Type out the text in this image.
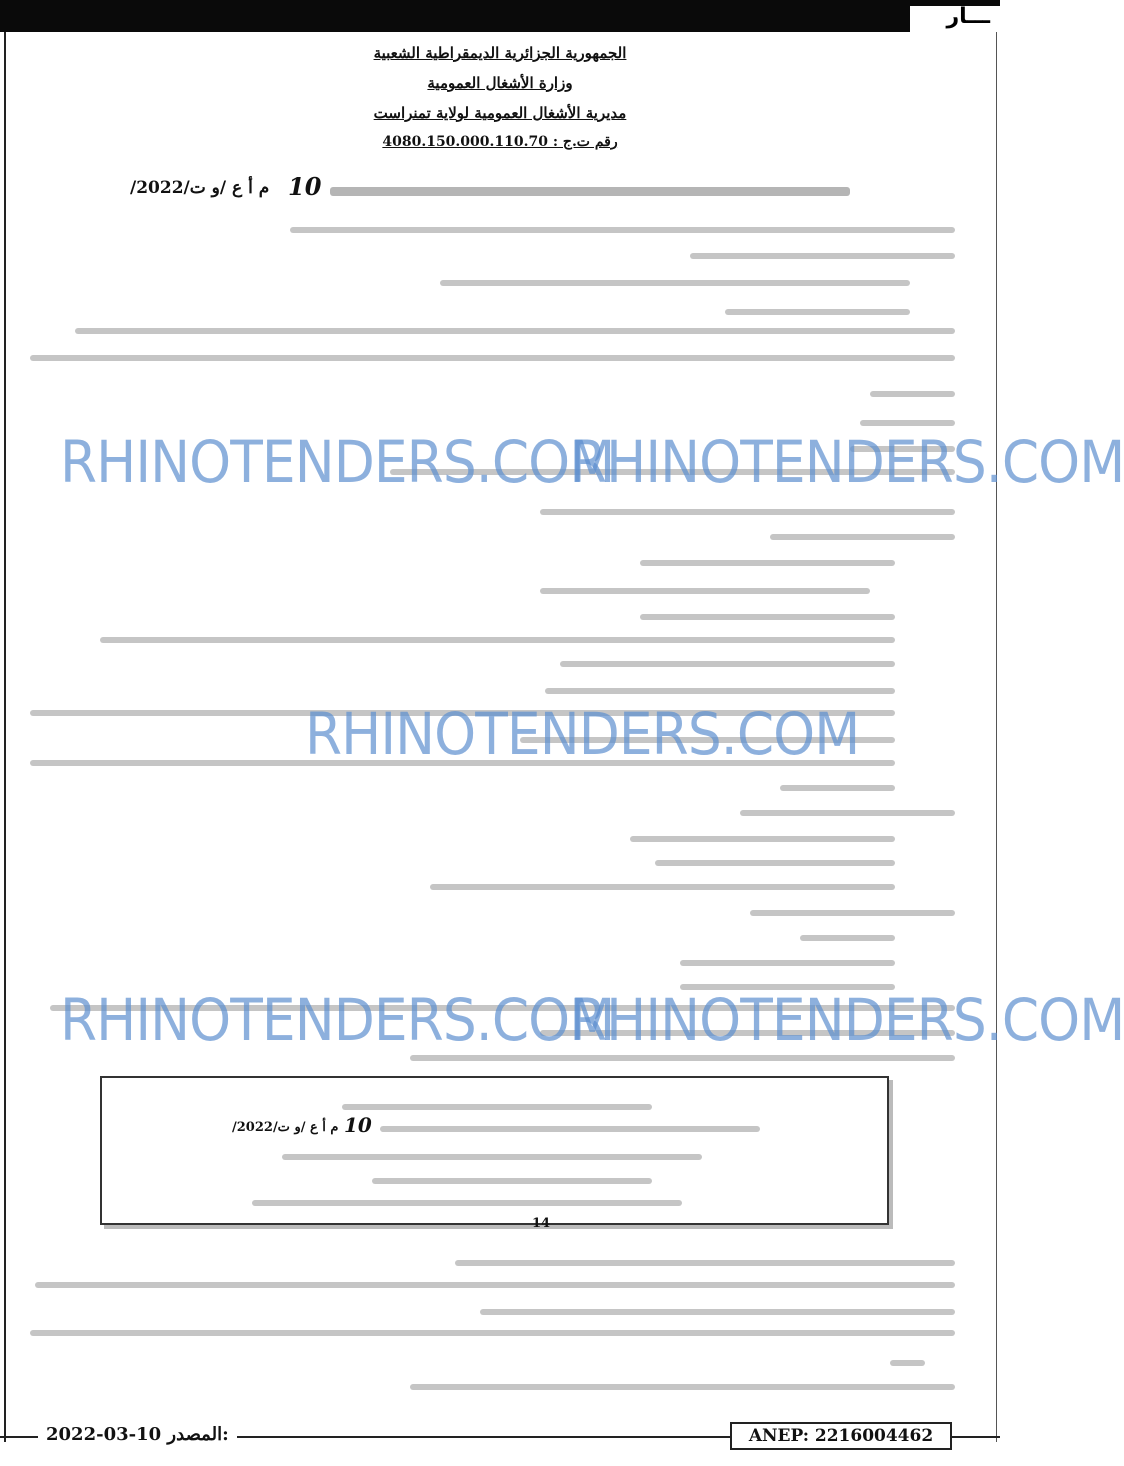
ـــار
الجمهورية الجزائرية الديمقراطية الشعبية
وزارة الأشغال العمومية
مديرية الأشغال العمومية لولاية تمنراست
رقم ت.ج : 4080.150.000.110.70
/م أ ع /و ت/2022 10
/م أ ع /و ت/2022 10
14
RHINOTENDERS.COM
RHINOTENDERS.COM
RHINOTENDERS.COM
RHINOTENDERS.COM
RHINOTENDERS.COM
2022-03-10 المصدر:	ANEP: 2216004462
